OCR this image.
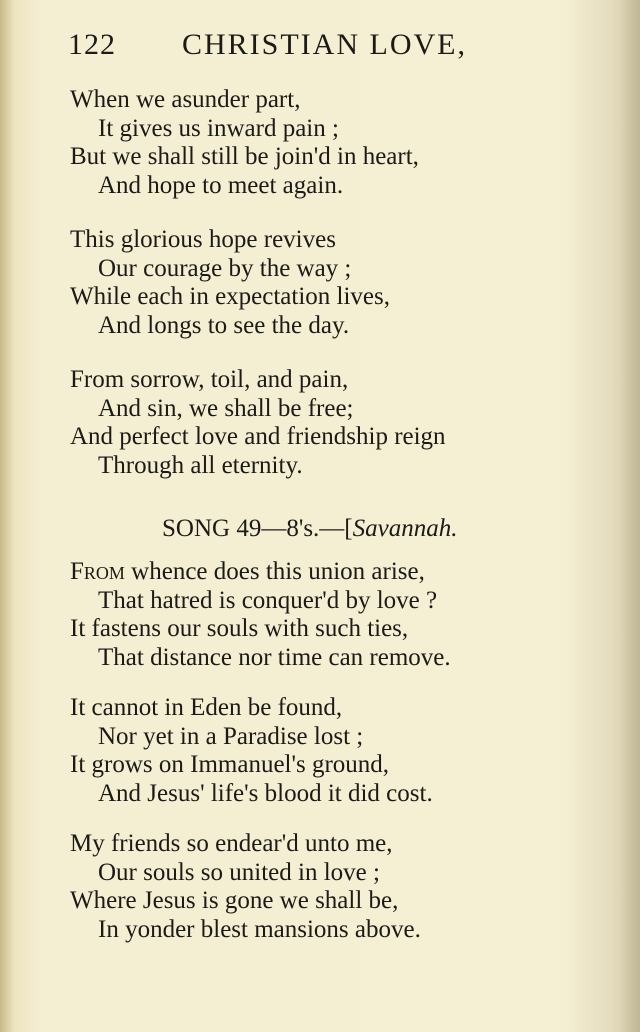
122 CHRISTIAN LOVE,
When we asunder part,
It gives us inward pain ;
But we shall still be join'd in heart,
And hope to meet again.
This glorious hope revives
Our courage by the way ;
While each in expectation lives,
And longs to see the day.
From sorrow, toil, and pain,
And sin, we shall be free;
And perfect love and friendship reign
Through all eternity.
SONG 49—8's.—[Savannah.
From whence does this union arise,
That hatred is conquer'd by love ?
It fastens our souls with such ties,
That distance nor time can remove.
It cannot in Eden be found,
Nor yet in a Paradise lost ;
It grows on Immanuel's ground,
And Jesus' life's blood it did cost.
My friends so endear'd unto me,
Our souls so united in love ;
Where Jesus is gone we shall be,
In yonder blest mansions above.
